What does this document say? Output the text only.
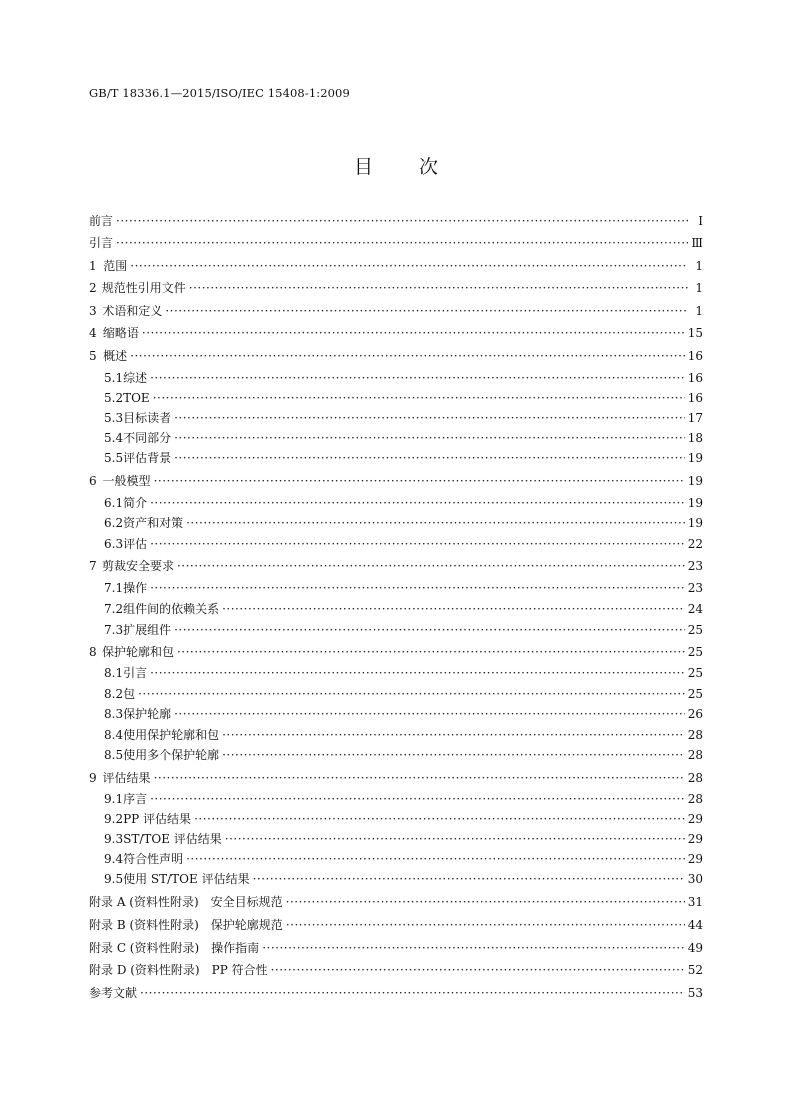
GB/T 18336.1—2015/ISO/IEC 15408-1:2009
目 次
前言 ·····	Ⅰ
引言 ·····	Ⅲ
1 范围 ·····	1
2 规范性引用文件 ·····	1
3 术语和定义 ·····	1
4 缩略语 ·····	15
5 概述 ·····	16
5.1 综述 ·····	16
5.2 TOE ·····	16
5.3 目标读者 ·····	17
5.4 不同部分 ·····	18
5.5 评估背景 ·····	19
6 一般模型 ·····	19
6.1 简介 ·····	19
6.2 资产和对策 ·····	19
6.3 评估 ·····	22
7 剪裁安全要求 ·····	23
7.1 操作 ·····	23
7.2 组件间的依赖关系 ·····	24
7.3 扩展组件 ·····	25
8 保护轮廓和包 ·····	25
8.1 引言 ·····	25
8.2 包 ·····	25
8.3 保护轮廓 ·····	26
8.4 使用保护轮廓和包 ·····	28
8.5 使用多个保护轮廓 ·····	28
9 评估结果 ·····	28
9.1 序言 ·····	28
9.2 PP 评估结果 ·····	29
9.3 ST/TOE 评估结果 ·····	29
9.4 符合性声明 ·····	29
9.5 使用 ST/TOE 评估结果 ·····	30
附录 A (资料性附录)　安全目标规范 ·····	31
附录 B (资料性附录)　保护轮廓规范 ·····	44
附录 C (资料性附录)　操作指南 ·····	49
附录 D (资料性附录)　PP 符合性 ·····	52
参考文献 ·····	53
